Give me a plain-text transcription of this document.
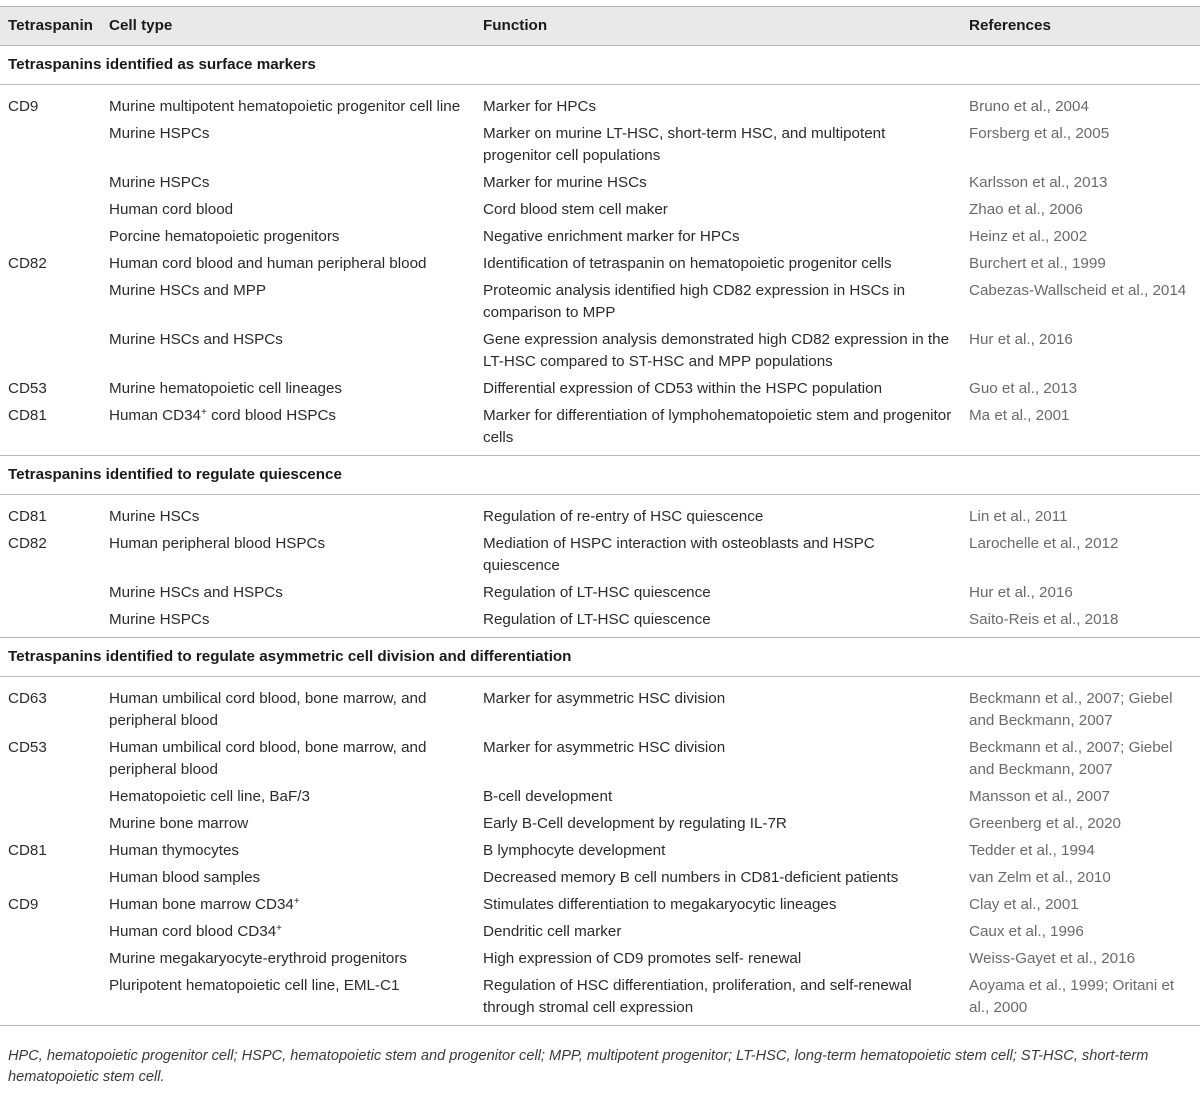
Tetraspanin	Cell type	Function	References
Tetraspanins identified as surface markers			

CD9	Murine multipotent hematopoietic progenitor cell line	Marker for HPCs	Bruno et al., 2004
	Murine HSPCs	Marker on murine LT-HSC, short-term HSC, and multipotent progenitor cell populations	Forsberg et al., 2005
	Murine HSPCs	Marker for murine HSCs	Karlsson et al., 2013
	Human cord blood	Cord blood stem cell maker	Zhao et al., 2006
	Porcine hematopoietic progenitors	Negative enrichment marker for HPCs	Heinz et al., 2002
CD82	Human cord blood and human peripheral blood	Identification of tetraspanin on hematopoietic progenitor cells	Burchert et al., 1999
	Murine HSCs and MPP	Proteomic analysis identified high CD82 expression in HSCs in comparison to MPP	Cabezas-Wallscheid et al., 2014
	Murine HSCs and HSPCs	Gene expression analysis demonstrated high CD82 expression in the LT-HSC compared to ST-HSC and MPP populations	Hur et al., 2016
CD53	Murine hematopoietic cell lineages	Differential expression of CD53 within the HSPC population	Guo et al., 2013
CD81	Human CD34+ cord blood HSPCs	Marker for differentiation of lymphohematopoietic stem and progenitor cells	Ma et al., 2001
Tetraspanins identified to regulate quiescence			

CD81	Murine HSCs	Regulation of re-entry of HSC quiescence	Lin et al., 2011
CD82	Human peripheral blood HSPCs	Mediation of HSPC interaction with osteoblasts and HSPC quiescence	Larochelle et al., 2012
	Murine HSCs and HSPCs	Regulation of LT-HSC quiescence	Hur et al., 2016
	Murine HSPCs	Regulation of LT-HSC quiescence	Saito-Reis et al., 2018
Tetraspanins identified to regulate asymmetric cell division and differentiation			

CD63	Human umbilical cord blood, bone marrow, and peripheral blood	Marker for asymmetric HSC division	Beckmann et al., 2007; Giebel and Beckmann, 2007
CD53	Human umbilical cord blood, bone marrow, and peripheral blood	Marker for asymmetric HSC division	Beckmann et al., 2007; Giebel and Beckmann, 2007
	Hematopoietic cell line, BaF/3	B-cell development	Mansson et al., 2007
	Murine bone marrow	Early B-Cell development by regulating IL-7R	Greenberg et al., 2020
CD81	Human thymocytes	B lymphocyte development	Tedder et al., 1994
	Human blood samples	Decreased memory B cell numbers in CD81-deficient patients	van Zelm et al., 2010
CD9	Human bone marrow CD34+	Stimulates differentiation to megakaryocytic lineages	Clay et al., 2001
	Human cord blood CD34+	Dendritic cell marker	Caux et al., 1996
	Murine megakaryocyte-erythroid progenitors	High expression of CD9 promotes self- renewal	Weiss-Gayet et al., 2016
	Pluripotent hematopoietic cell line, EML-C1	Regulation of HSC differentiation, proliferation, and self-renewal through stromal cell expression	Aoyama et al., 1999; Oritani et al., 2000
HPC, hematopoietic progenitor cell; HSPC, hematopoietic stem and progenitor cell; MPP, multipotent progenitor; LT-HSC, long-term hematopoietic stem cell; ST-HSC, short-term hematopoietic stem cell.
